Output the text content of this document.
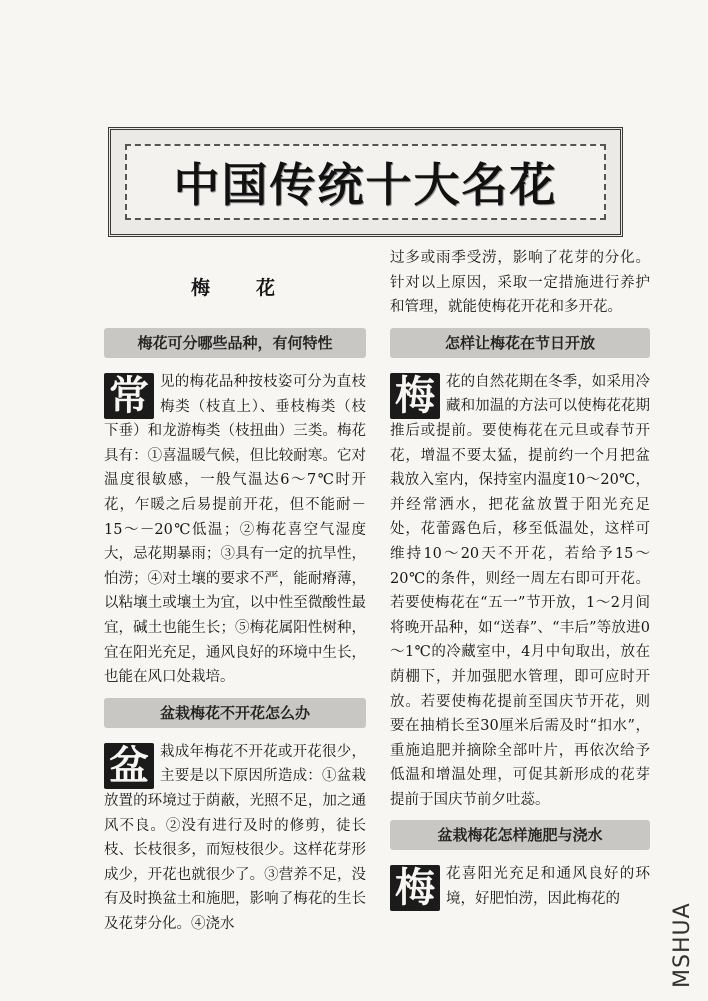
中国传统十大名花
梅花
梅花可分哪些品种，有何特性

常 见的梅花品种按枝姿可分为直枝梅类（枝直上）、垂枝梅类（枝下垂）和龙游梅类（枝扭曲）三类。梅花具有：①喜温暖气候，但比较耐寒。它对温度很敏感，一般气温达6～7℃时开花，乍暖之后易提前开花，但不能耐－15～－20℃低温；②梅花喜空气湿度大，忌花期暴雨；③具有一定的抗旱性，怕涝；④对土壤的要求不严，能耐瘠薄，以粘壤土或壤土为宜，以中性至微酸性最宜，碱土也能生长；⑤梅花属阳性树种，宜在阳光充足，通风良好的环境中生长，也能在风口处栽培。

盆栽梅花不开花怎么办

盆 栽成年梅花不开花或开花很少，主要是以下原因所造成：①盆栽放置的环境过于荫蔽，光照不足，加之通风不良。②没有进行及时的修剪，徒长枝、长枝很多，而短枝很少。这样花芽形成少，开花也就很少了。③营养不足，没有及时换盆土和施肥，影响了梅花的生长及花芽分化。④浇水

过多或雨季受涝，影响了花芽的分化。针对以上原因，采取一定措施进行养护和管理，就能使梅花开花和多开花。

怎样让梅花在节日开放

梅 花的自然花期在冬季，如采用冷藏和加温的方法可以使梅花花期推后或提前。要使梅花在元旦或春节开花，增温不要太猛，提前约一个月把盆栽放入室内，保持室内温度10～20℃，并经常洒水，把花盆放置于阳光充足处，花蕾露色后，移至低温处，这样可维持10～20天不开花，若给予15～20℃的条件，则经一周左右即可开花。若要使梅花在“五一”节开放，1～2月间将晚开品种，如“送春”、“丰后”等放进0～1℃的冷藏室中，4月中旬取出，放在荫棚下，并加强肥水管理，即可应时开放。若要使梅花提前至国庆节开花，则要在抽梢长至30厘米后需及时“扣水”，重施追肥并摘除全部叶片，再依次给予低温和增温处理，可促其新形成的花芽提前于国庆节前夕吐蕊。

盆栽梅花怎样施肥与浇水

梅 花喜阳光充足和通风良好的环境，好肥怕涝，因此梅花的

MSHUA
